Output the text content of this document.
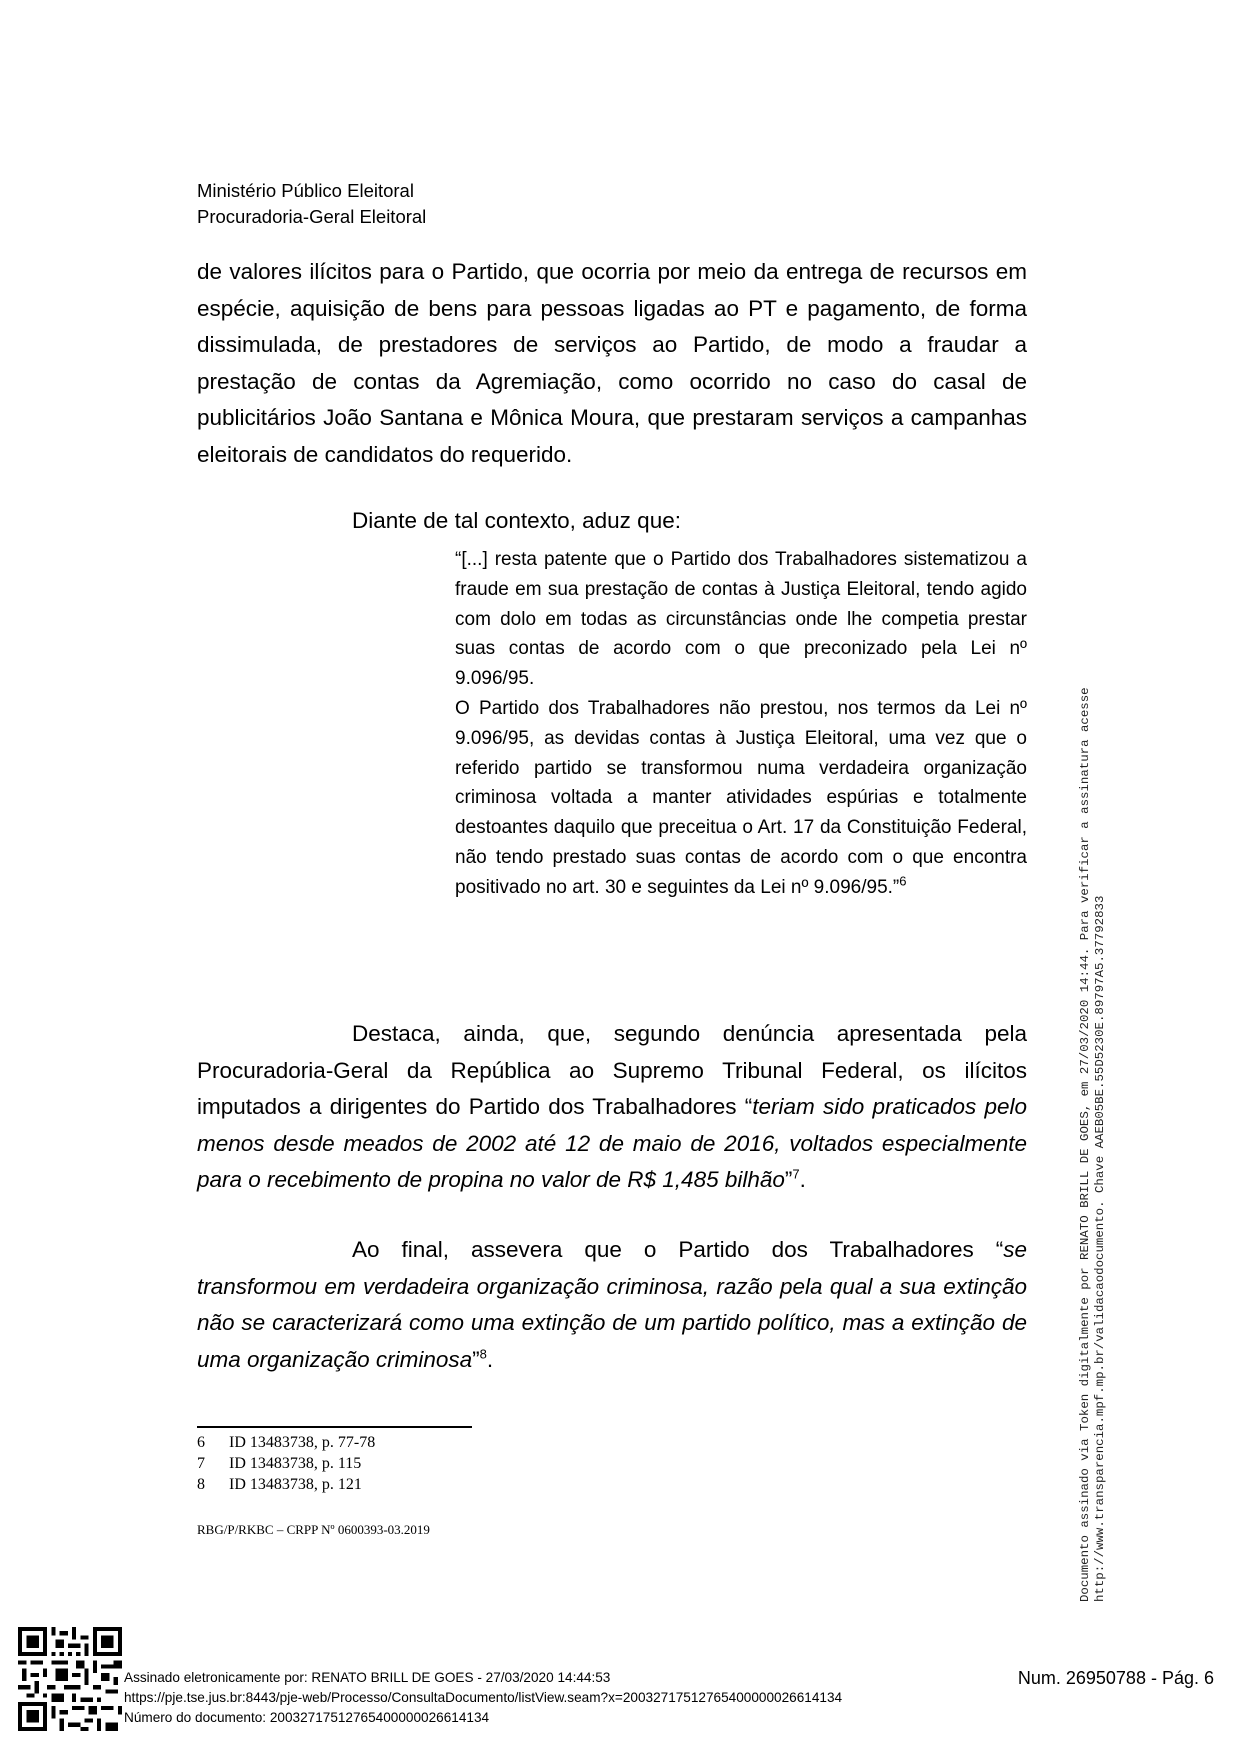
Ministério Público Eleitoral
Procuradoria-Geral Eleitoral
de valores ilícitos para o Partido, que ocorria por meio da entrega de recursos em espécie, aquisição de bens para pessoas ligadas ao PT e pagamento, de forma dissimulada, de prestadores de serviços ao Partido, de modo a fraudar a prestação de contas da Agremiação, como ocorrido no caso do casal de publicitários João Santana e Mônica Moura, que prestaram serviços a campanhas eleitorais de candidatos do requerido.
Diante de tal contexto, aduz que:

“[...] resta patente que o Partido dos Trabalhadores sistematizou a fraude em sua prestação de contas à Justiça Eleitoral, tendo agido com dolo em todas as circunstâncias onde lhe competia prestar suas contas de acordo com o que preconizado pela Lei nº 9.096/95.

O Partido dos Trabalhadores não prestou, nos termos da Lei nº 9.096/95, as devidas contas à Justiça Eleitoral, uma vez que o referido partido se transformou numa verdadeira organização criminosa voltada a manter atividades espúrias e totalmente destoantes daquilo que preceitua o Art. 17 da Constituição Federal, não tendo prestado suas contas de acordo com o que encontra positivado no art. 30 e seguintes da Lei nº 9.096/95.”$^6$

Destaca, ainda, que, segundo denúncia apresentada pela Procuradoria-Geral da República ao Supremo Tribunal Federal, os ilícitos imputados a dirigentes do Partido dos Trabalhadores “teriam sido praticados pelo menos desde meados de 2002 até 12 de maio de 2016, voltados especialmente para o recebimento de propina no valor de R$ 1,485 bilhão”$^7$.
Ao final, assevera que o Partido dos Trabalhadores “se transformou em verdadeira organização criminosa, razão pela qual a sua extinção não se caracterizará como uma extinção de um partido político, mas a extinção de uma organização criminosa”$^8$.
6	ID 13483738, p. 77-78
7	ID 13483738, p. 115
8	ID 13483738, p. 121
RBG/P/RKBC – CRPP Nº 0600393-03.2019	Documento assinado via Token digitalmente por RENATO BRILL DE GOES, em 27/03/2020 14:44. Para verificar a assinatura acesse http://www.transparencia.mpf.mp.br/validacaodocumento. Chave AAEB05BE.55D5230E.89797A5.37792833
Assinado eletronicamente por: RENATO BRILL DE GOES - 27/03/2020 14:44:53
https://pje.tse.jus.br:8443/pje-web/Processo/ConsultaDocumento/listView.seam?x=20032717512765400000026614134
Número do documento: 20032717512765400000026614134
Num. 26950788 - Pág. 6
